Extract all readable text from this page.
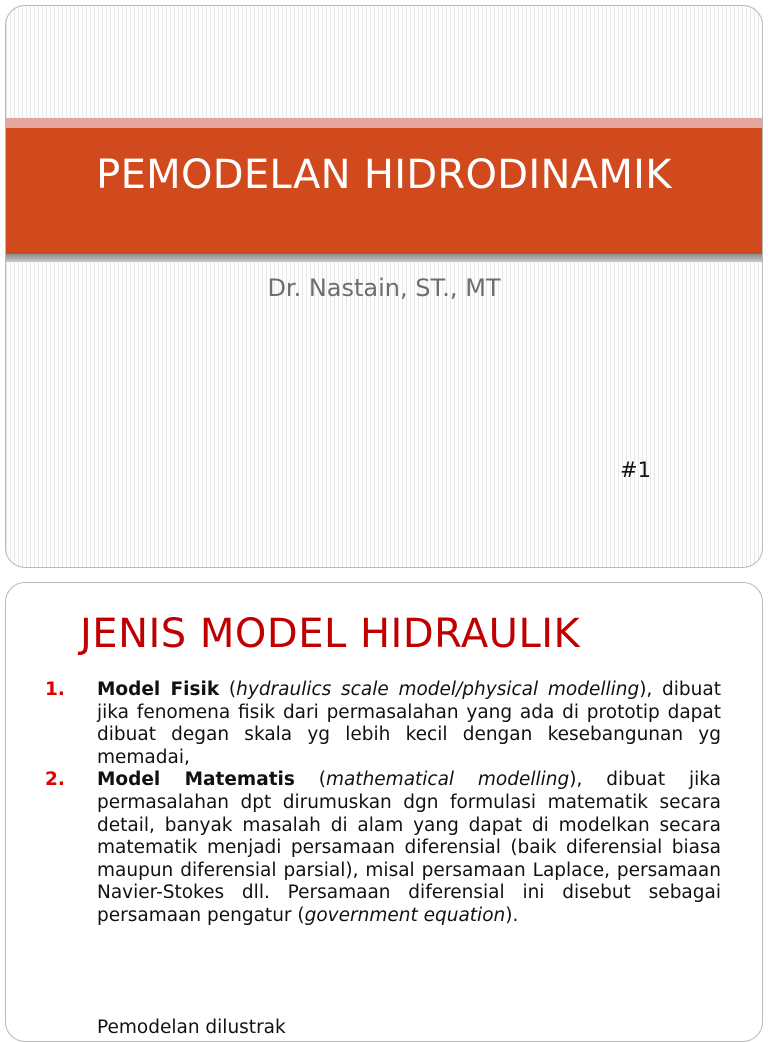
PEMODELAN HIDRODINAMIK
Dr. Nastain, ST., MT
#1
JENIS MODEL HIDRAULIK
1. Model Fisik (hydraulics scale model/physical modelling), dibuat jika fenomena fisik dari permasalahan yang ada di prototip dapat dibuat degan skala yg lebih kecil dengan kesebangunan yg memadai,
2. Model Matematis (mathematical modelling), dibuat jika permasalahan dpt dirumuskan dgn formulasi matematik secara detail, banyak masalah di alam yang dapat di modelkan secara matematik menjadi persamaan diferensial (baik diferensial biasa maupun diferensial parsial), misal persamaan Laplace, persamaan Navier-Stokes dll. Persamaan diferensial ini disebut sebagai persamaan pengatur (government equation).
Pemodelan dilustrak
